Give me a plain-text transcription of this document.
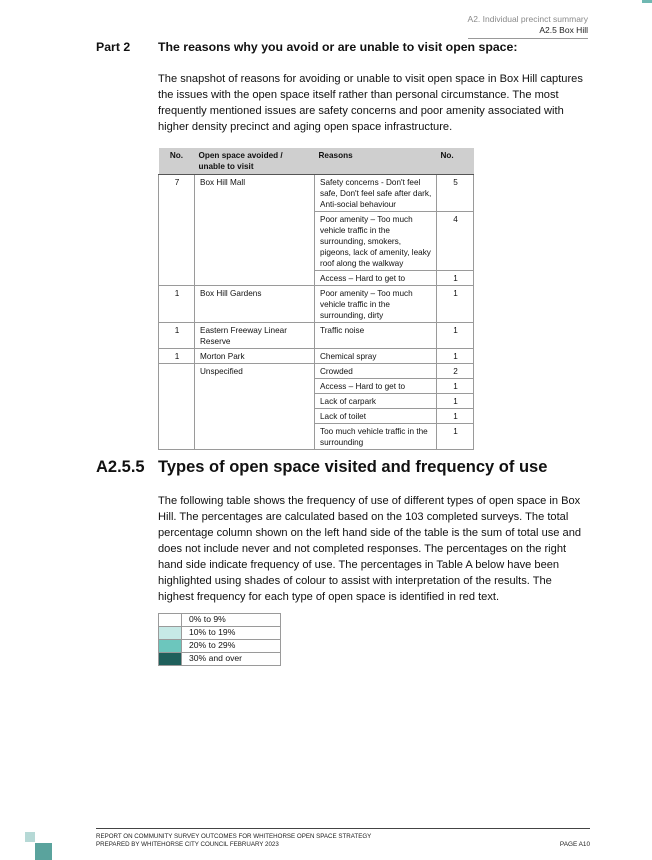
A2. Individual precinct summary
A2.5 Box Hill
Part 2 The reasons why you avoid or are unable to visit open space:

The snapshot of reasons for avoiding or unable to visit open space in Box Hill captures the issues with the open space itself rather than personal circumstance. The most frequently mentioned issues are safety concerns and poor amenity associated with higher density precinct and aging open space infrastructure.

No.	Open space avoided / unable to visit	Reasons	No.
7	Box Hill Mall	Safety concerns - Don't feel safe, Don't feel safe after dark, Anti-social behaviour	5
		Poor amenity – Too much vehicle traffic in the surrounding, smokers, pigeons, lack of amenity, leaky roof along the walkway	4
		Access – Hard to get to	1
1	Box Hill Gardens	Poor amenity – Too much vehicle traffic in the surrounding, dirty	1
1	Eastern Freeway Linear Reserve	Traffic noise	1
1	Morton Park	Chemical spray	1
	Unspecified	Crowded	2
		Access – Hard to get to	1
		Lack of carpark	1
		Lack of toilet	1
		Too much vehicle traffic in the surrounding	1
A2.5.5 Types of open space visited and frequency of use

The following table shows the frequency of use of different types of open space in Box Hill. The percentages are calculated based on the 103 completed surveys. The total percentage column shown on the left hand side of the table is the sum of total use and does not include never and not completed responses. The percentages on the right hand side indicate frequency of use. The percentages in Table A below have been highlighted using shades of colour to assist with interpretation of the results. The highest frequency for each type of open space is identified in red text.

	0% to 9%
	10% to 19%
	20% to 29%
	30% and over
REPORT ON COMMUNITY SURVEY OUTCOMES FOR WHITEHORSE OPEN SPACE STRATEGY
PREPARED BY WHITEHORSE CITY COUNCIL FEBRUARY 2023	PAGE A10
